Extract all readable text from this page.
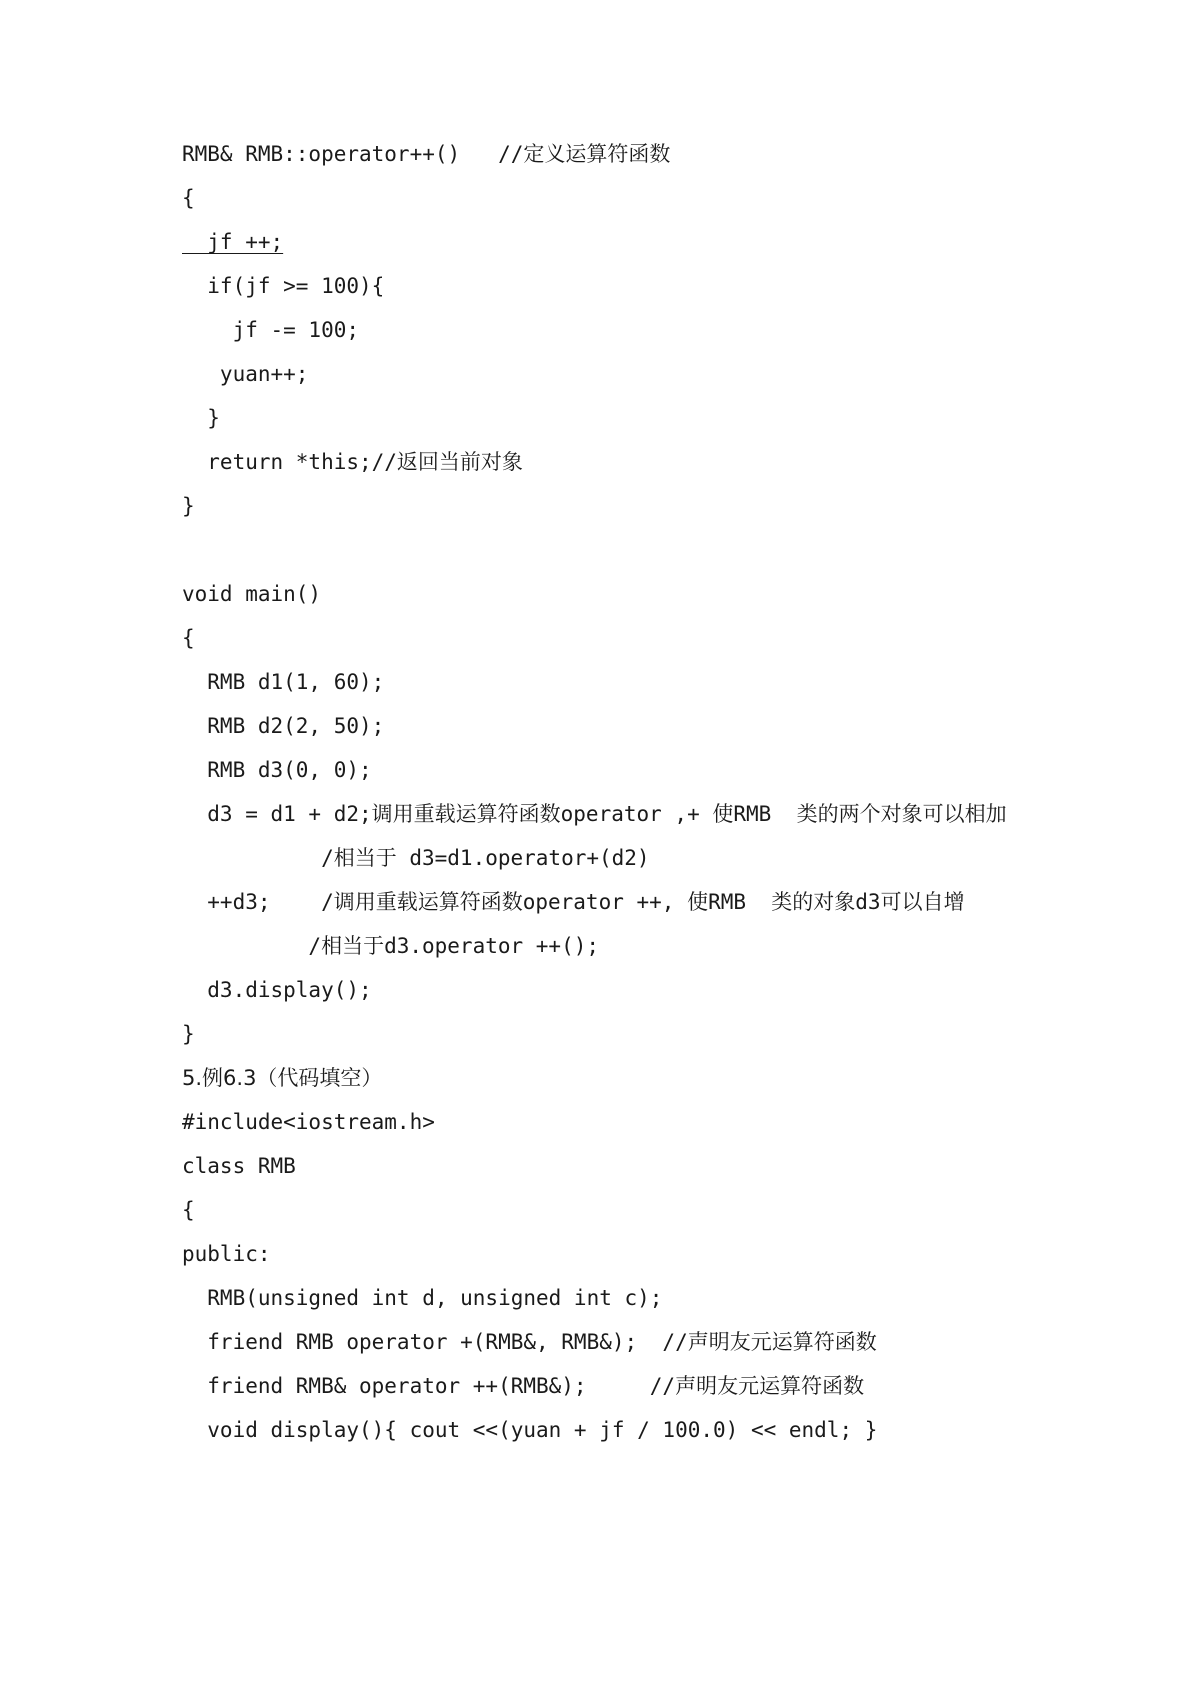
RMB& RMB::operator++()   //定义运算符函数
{
jf ++;
if(jf >= 100){
jf -= 100;
yuan++;
}
return *this;//返回当前对象
}
void main()
{
RMB d1(1, 60);
RMB d2(2, 50);
RMB d3(0, 0);
d3 = d1 + d2;调用重载运算符函数operator ,+ 使RMB  类的两个对象可以相加
/相当于 d3=d1.operator+(d2)
++d3;    /调用重载运算符函数operator ++, 使RMB  类的对象d3可以自增
/相当于d3.operator ++();
d3.display();
}
5.例6.3（代码填空）
#include<iostream.h>
class RMB
{
public:
RMB(unsigned int d, unsigned int c);
friend RMB operator +(RMB&, RMB&);  //声明友元运算符函数
friend RMB& operator ++(RMB&);     //声明友元运算符函数
void display(){ cout <<(yuan + jf / 100.0) << endl; }
